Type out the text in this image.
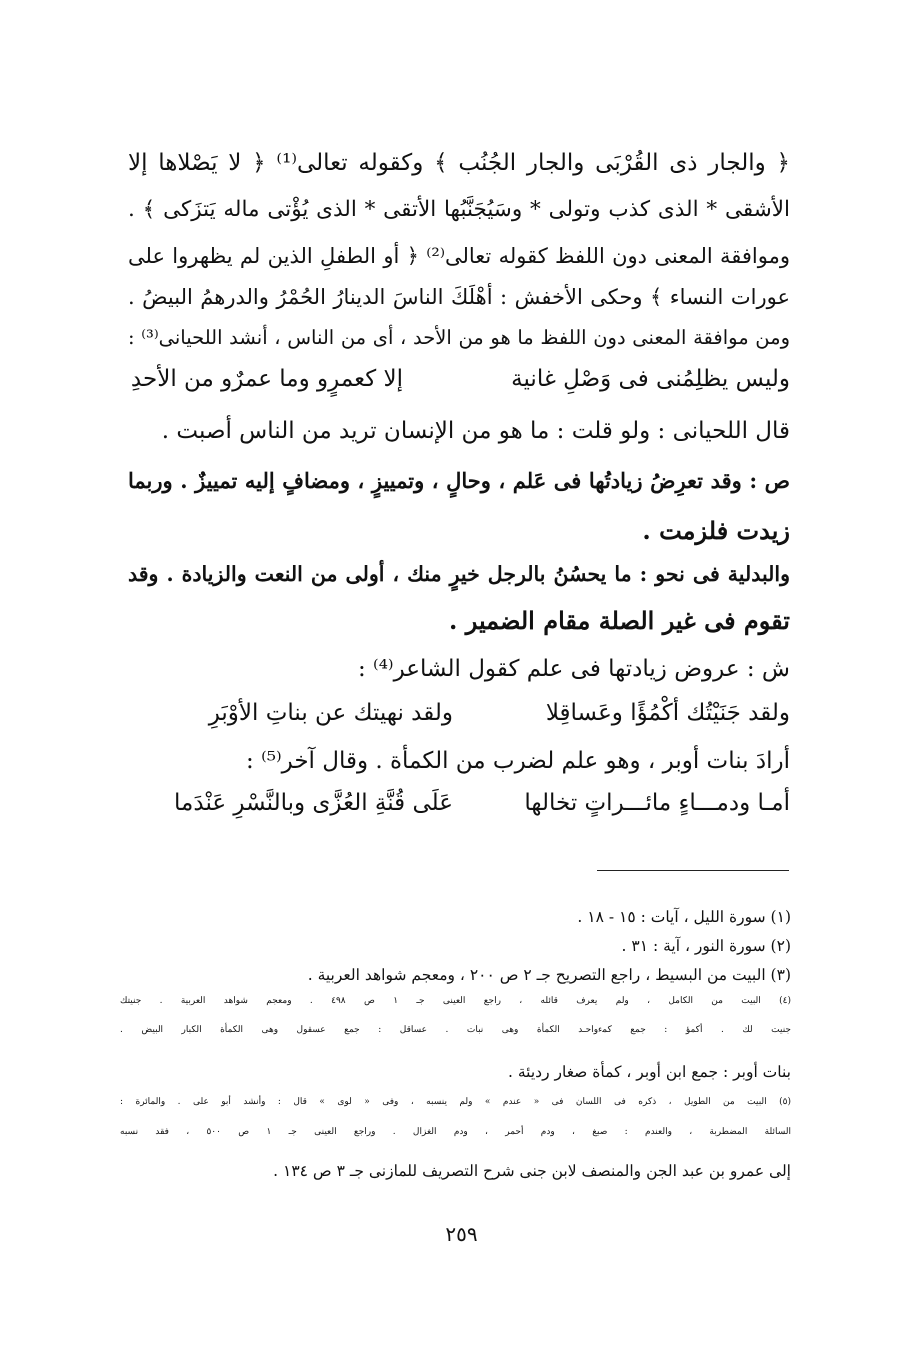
﴿ والجار ذى القُرْبَى والجار الجُنُب ﴾ وكقوله تعالى⁽¹⁾ ﴿ لا يَصْلاها إلا
الأشقى * الذى كذب وتولى * وسَيُجَنَّبُها الأتقى * الذى يُؤْتى ماله يَتزَكى ﴾ .
وموافقة المعنى دون اللفظ كقوله تعالى⁽²⁾ ﴿ أو الطفلِ الذين لم يظهروا على
عورات النساء ﴾ وحكى الأخفش : أهْلَكَ الناسَ الدينارُ الحُمْرُ والدرهمُ البيضُ .
ومن موافقة المعنى دون اللفظ ما هو من الأحد ، أى من الناس ، أنشد اللحيانى⁽³⁾ :
وليس يظلِمُنى فى وَصْلِ غانية
إلا كعمرٍو وما عمرٌو من الأحدِ
قال اللحيانى : ولو قلت : ما هو من الإنسان تريد من الناس أصبت .
ص : وقد تعرِضُ زيادتُها فى عَلم ، وحالٍ ، وتمييزٍ ، ومضافٍ إليه تمييزٌ . وربما
زيدت فلزمت .
والبدلية فى نحو : ما يحسُنُ بالرجل خيرٍ منك ، أولى من النعت والزيادة . وقد
تقوم فى غير الصلة مقام الضمير .
ش : عروض زيادتها فى علم كقول الشاعر⁽⁴⁾ :
ولقد جَنَيْتُك أكْمُؤًا وعَساقِلا
ولقد نهيتك عن بناتِ الأوْبَرِ
أرادَ بنات أوبر ، وهو علم لضرب من الكمأة . وقال آخر⁽⁵⁾ :
أمـا ودمـــاءٍ مائـــراتٍ تخالها
عَلَى قُنَّةِ العُزَّى وبالنَّسْرِ عَنْدَما
(١) سورة الليل ، آيات : ١٥ - ١٨ .
(٢) سورة النور ، آية : ٣١ .
(٣) البيت من البسيط ، راجع التصريح جـ ٢ ص ٢٠٠ ، ومعجم شواهد العربية .
(٤) البيت من الكامل ، ولم يعرف قائله ، راجع العينى جـ ١ ص ٤٩٨ . ومعجم شواهد العربية . جنيتك
جنيت لك . أكمؤ : جمع كم‍ءواحـد الكمأة وهى نبات . عساقل : جمع عسقول وهى الكمأة الكبار البيض .
بنات أوبر : جمع ابن أوبر ، كمأة صغار رديئة .
(٥) البيت من الطويل ، ذكره فى اللسان فى « عندم » ولم ينسبه ، وفى « لوى » قال : وأنشد أبو على . والمائرة :
السائلة المضطربة ، والعندم : صبغ ، ودم أحمر ، ودم الغزال . وراجع العينى جـ ١ ص ٥٠٠ ، فقد نسبه
إلى عمرو بن عبد الجن والمنصف لابن جنى شرح التصريف للمازنى جـ ٣ ص ١٣٤ .
٢٥٩
